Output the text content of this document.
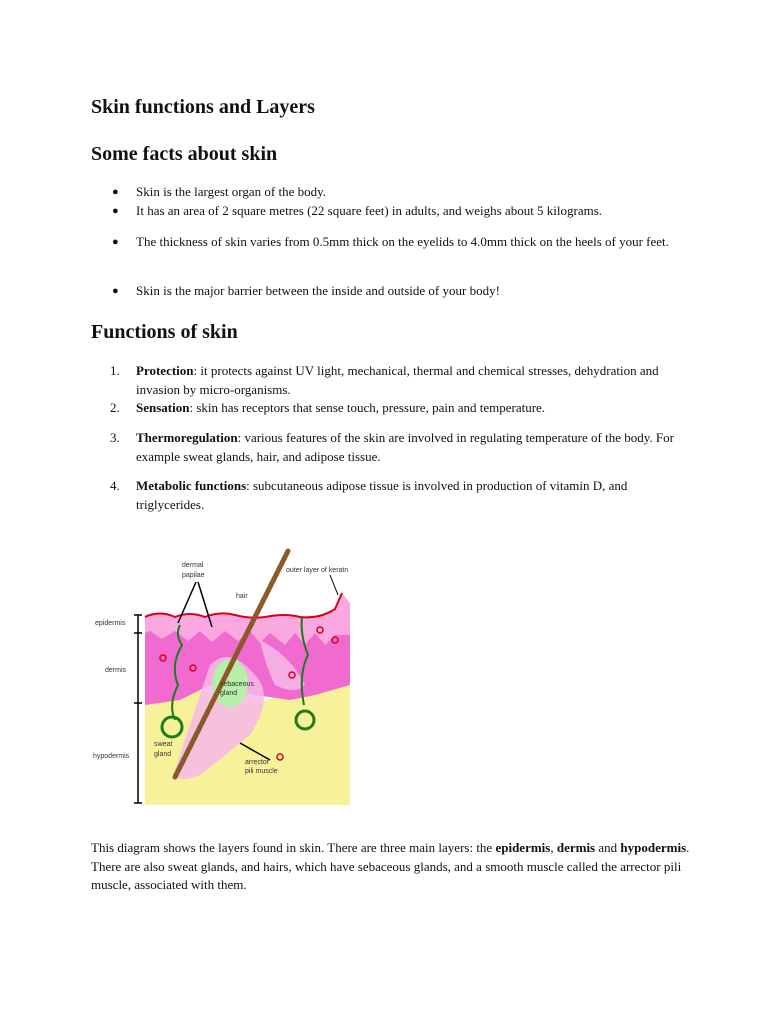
Skin functions and Layers
Some facts about skin
● Skin is the largest organ of the body.
● It has an area of 2 square metres (22 square feet) in adults, and weighs about 5 kilograms.
● The thickness of skin varies from 0.5mm thick on the eyelids to 4.0mm thick on the heels of your feet.
● Skin is the major barrier between the inside and outside of your body!
Functions of skin
1. Protection: it protects against UV light, mechanical, thermal and chemical stresses, dehydration and invasion by micro-organisms.
2. Sensation: skin has receptors that sense touch, pressure, pain and temperature.
3. Thermoregulation: various features of the skin are involved in regulating temperature of the body. For example sweat glands, hair, and adipose tissue.
4. Metabolic functions: subcutaneous adipose tissue is involved in production of vitamin D, and triglycerides.
dermal
papilae
outer layer of keratn
hair
epidermis
dermis
hypodermis
sebaceous
gland
sweat
gland
arrector
pili muscle
This diagram shows the layers found in skin. There are three main layers: the epidermis, dermis and hypodermis. There are also sweat glands, and hairs, which have sebaceous glands, and a smooth muscle called the arrector pili muscle, associated with them.
